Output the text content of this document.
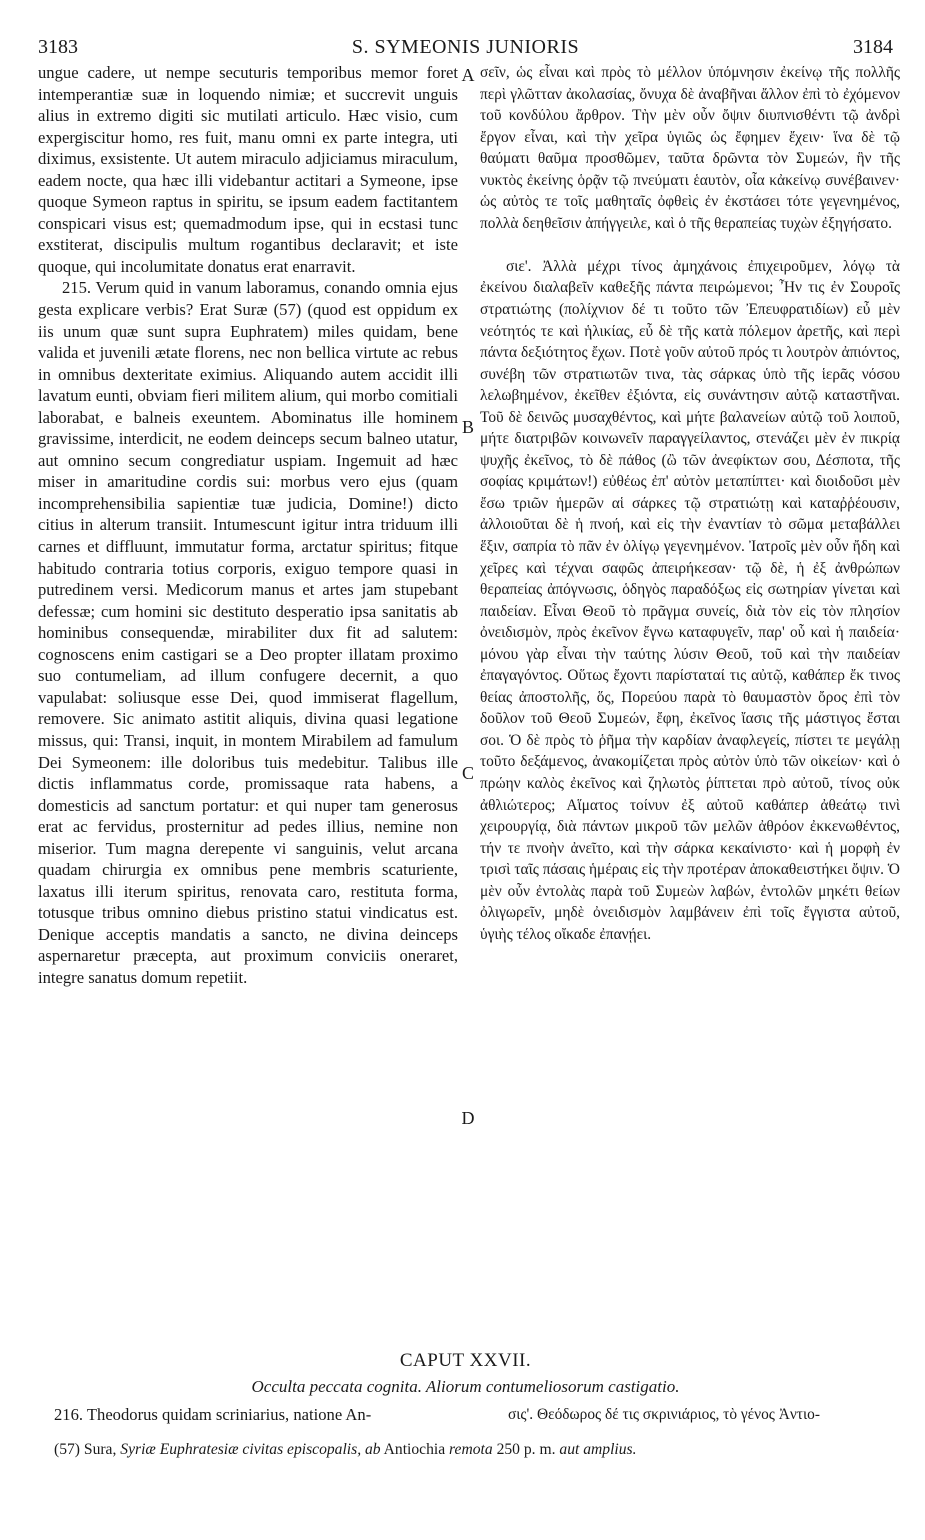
3183	S. SYMEONIS JUNIORIS	3184

ungue cadere, ut nempe secuturis temporibus memor foret intemperantiæ suæ in loquendo nimiæ; et succrevit unguis alius in extremo digiti sic mutilati articulo. Hæc visio, cum expergiscitur homo, res fuit, manu omni ex parte integra, uti diximus, exsistente. Ut autem miraculo adjiciamus miraculum, eadem nocte, qua hæc illi videbantur actitari a Symeone, ipse quoque Symeon raptus in spiritu, se ipsum eadem factitantem conspicari visus est; quemadmodum ipse, qui in ecstasi tunc exstiterat, discipulis multum rogantibus declaravit; et iste quoque, qui incolumitate donatus erat enarravit.

215. Verum quid in vanum laboramus, conando omnia ejus gesta explicare verbis? Erat Suræ (57) (quod est oppidum ex iis unum quæ sunt supra Euphratem) miles quidam, bene valida et juvenili ætate florens, nec non bellica virtute ac rebus in omnibus dexteritate eximius. Aliquando autem accidit illi lavatum eunti, obviam fieri militem alium, qui morbo comitiali laborabat, e balneis exeuntem. Abominatus ille hominem gravissime, interdicit, ne eodem deinceps secum balneo utatur, aut omnino secum congrediatur uspiam. Ingemuit ad hæc miser in amaritudine cordis sui: morbus vero ejus (quam incomprehensibilia sapientiæ tuæ judicia, Domine!) dicto citius in alterum transiit. Intumescunt igitur intra triduum illi carnes et diffluunt, immutatur forma, arctatur spiritus; fitque habitudo contraria totius corporis, exiguo tempore quasi in putredinem versi. Medicorum manus et artes jam stupebant defessæ; cum homini sic destituto desperatio ipsa sanitatis ab hominibus consequendæ, mirabiliter dux fit ad salutem: cognoscens enim castigari se a Deo propter illatam proximo suo contumeliam, ad illum confugere decernit, a quo vapulabat: soliusque esse Dei, quod immiserat flagellum, removere. Sic animato astitit aliquis, divina quasi legatione missus, qui: Transi, inquit, in montem Mirabilem ad famulum Dei Symeonem: ille doloribus tuis medebitur. Talibus ille dictis inflammatus corde, promissaque rata habens, a domesticis ad sanctum portatur: et qui nuper tam generosus erat ac fervidus, prosternitur ad pedes illius, nemine non miserior. Tum magna derepente vi sanguinis, velut arcana quadam chirurgia ex omnibus pene membris scaturiente, laxatus illi iterum spiritus, renovata caro, restituta forma, totusque tribus omnino diebus pristino statui vindicatus est. Denique acceptis mandatis a sancto, ne divina deinceps aspernaretur præcepta, aut proximum conviciis oneraret, integre sanatus domum repetiit.

σεῖν, ὡς εἶναι καὶ πρὸς τὸ μέλλον ὑπόμνησιν ἐκείνῳ τῆς πολλῆς περὶ γλῶτταν ἀκολασίας, ὄνυχα δὲ ἀναβῆναι ἄλλον ἐπὶ τὸ ἐχόμενον τοῦ κονδύλου ἄρθρον. Τὴν μὲν οὖν ὄψιν διυπνισθέντι τῷ ἀνδρὶ ἔργον εἶναι, καὶ τὴν χεῖρα ὑγιῶς ὡς ἔφημεν ἔχειν· ἵνα δὲ τῷ θαύματι θαῦμα προσθῶμεν, ταῦτα δρῶντα τὸν Συμεών, ἣν τῆς νυκτὸς ἐκείνης ὁρᾷν τῷ πνεύματι ἑαυτὸν, οἷα κἀκείνῳ συνέβαινεν· ὡς αὐτὸς τε τοῖς μαθηταῖς ὀφθεὶς ἐν ἐκστάσει τότε γεγενημένος, πολλὰ δεηθεῖσιν ἀπήγγειλε, καὶ ὁ τῆς θεραπείας τυχὼν ἐξηγήσατο.

σιε'. Ἀλλὰ μέχρι τίνος ἀμηχάνοις ἐπιχειροῦμεν, λόγῳ τὰ ἐκείνου διαλαβεῖν καθεξῆς πάντα πειρώμενοι; Ἦν τις ἐν Σουροῖς στρατιώτης (πολίχνιον δέ τι τοῦτο τῶν Ἐπευφρατιδίων) εὖ μὲν νεότητός τε καὶ ἡλικίας, εὖ δὲ τῆς κατὰ πόλεμον ἀρετῆς, καὶ περὶ πάντα δεξιότητος ἔχων. Ποτὲ γοῦν αὐτοῦ πρός τι λουτρὸν ἀπιόντος, συνέβη τῶν στρατιωτῶν τινα, τὰς σάρκας ὑπὸ τῆς ἱερᾶς νόσου λελωβημένον, ἐκεῖθεν ἐξιόντα, εἰς συνάντησιν αὐτῷ καταστῆναι. Τοῦ δὲ δεινῶς μυσαχθέντος, καὶ μήτε βαλανείων αὐτῷ τοῦ λοιποῦ, μήτε διατριβῶν κοινωνεῖν παραγγείλαντος, στενάζει μὲν ἐν πικρίᾳ ψυχῆς ἐκεῖνος, τὸ δὲ πάθος (ὢ τῶν ἀνεφίκτων σου, Δέσποτα, τῆς σοφίας κριμάτων!) εὐθέως ἐπ' αὐτὸν μεταπίπτει· καὶ διοιδοῦσι μὲν ἔσω τριῶν ἡμερῶν αἱ σάρκες τῷ στρατιώτῃ καὶ καταῤῥέουσιν, ἀλλοιοῦται δὲ ἡ πνοή, καὶ εἰς τὴν ἐναντίαν τὸ σῶμα μεταβάλλει ἕξιν, σαπρία τὸ πᾶν ἐν ὀλίγῳ γεγενημένον. Ἰατροῖς μὲν οὖν ἤδη καὶ χεῖρες καὶ τέχναι σαφῶς ἀπειρήκεσαν· τῷ δὲ, ἡ ἐξ ἀνθρώπων θεραπείας ἀπόγνωσις, ὁδηγὸς παραδόξως εἰς σωτηρίαν γίνεται καὶ παιδείαν. Εἶναι Θεοῦ τὸ πρᾶγμα συνείς, διὰ τὸν εἰς τὸν πλησίον ὀνειδισμὸν, πρὸς ἐκεῖνον ἔγνω καταφυγεῖν, παρ' οὗ καὶ ἡ παιδεία· μόνου γὰρ εἶναι τὴν ταύτης λύσιν Θεοῦ, τοῦ καὶ τὴν παιδείαν ἐπαγαγόντος. Οὕτως ἔχοντι παρίσταταί τις αὐτῷ, καθάπερ ἔκ τινος θείας ἀποστολῆς, ὅς, Πορεύου παρὰ τὸ θαυμαστὸν ὄρος ἐπὶ τὸν δοῦλον τοῦ Θεοῦ Συμεών, ἔφη, ἐκεῖνος ἴασις τῆς μάστιγος ἔσται σοι. Ὁ δὲ πρὸς τὸ ῥῆμα τὴν καρδίαν ἀναφλεγείς, πίστει τε μεγάλῃ τοῦτο δεξάμενος, ἀνακομίζεται πρὸς αὐτὸν ὑπὸ τῶν οἰκείων· καὶ ὁ πρώην καλὸς ἐκεῖνος καὶ ζηλωτὸς ῥίπτεται πρὸ αὐτοῦ, τίνος οὐκ ἀθλιώτερος; Αἵματος τοίνυν ἐξ αὐτοῦ καθάπερ ἀθεάτῳ τινὶ χειρουργίᾳ, διὰ πάντων μικροῦ τῶν μελῶν ἀθρόον ἐκκενωθέντος, τήν τε πνοὴν ἀνεῖτο, καὶ τὴν σάρκα κεκαίνιστο· καὶ ἡ μορφὴ ἐν τρισὶ ταῖς πάσαις ἡμέραις εἰς τὴν προτέραν ἀποκαθειστήκει ὄψιν. Ὁ μὲν οὖν ἐντολὰς παρὰ τοῦ Συμεὼν λαβών, ἐντολῶν μηκέτι θείων ὀλιγωρεῖν, μηδὲ ὀνειδισμὸν λαμβάνειν ἐπὶ τοῖς ἔγγιστα αὐτοῦ, ὑγιὴς τέλος οἴκαδε ἐπανῄει.

A
B
C
D
CAPUT XXVII.
Occulta peccata cognita. Aliorum contumeliosorum castigatio.
216. Theodorus quidam scriniarius, natione An-	σις'. Θεόδωρος δέ τις σκρινιάριος, τὸ γένος Ἀντιο-
(57) Sura, Syriæ Euphratesiæ civitas episcopalis, ab Antiochia remota 250 p. m. aut amplius.
